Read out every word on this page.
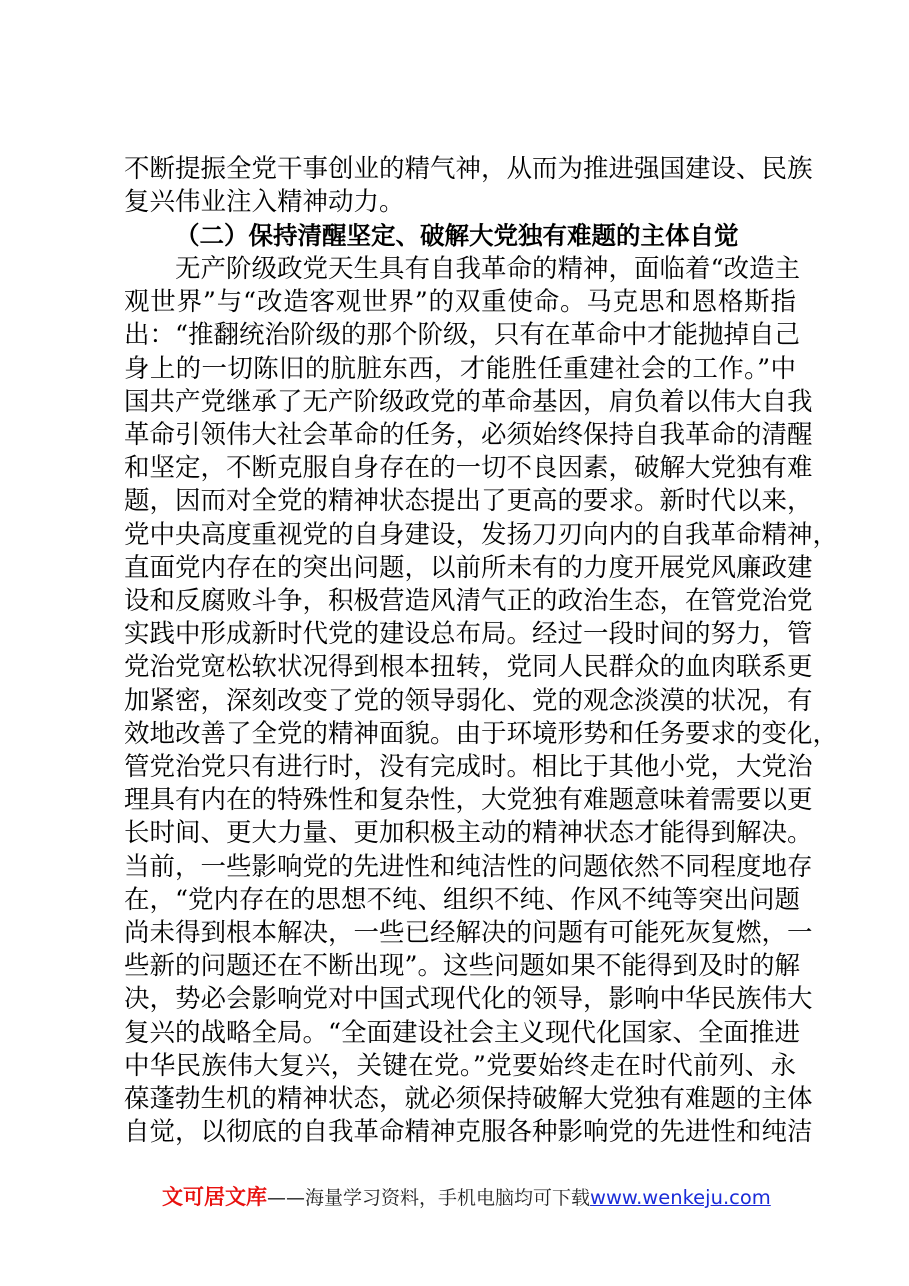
不断提振全党干事创业的精气神，从而为推进强国建设、民族
复兴伟业注入精神动力。
（二）保持清醒坚定、破解大党独有难题的主体自觉
　　无产阶级政党天生具有自我革命的精神，面临着“改造主
观世界”与“改造客观世界”的双重使命。马克思和恩格斯指
出：“推翻统治阶级的那个阶级，只有在革命中才能抛掉自己
身上的一切陈旧的肮脏东西，才能胜任重建社会的工作。”中
国共产党继承了无产阶级政党的革命基因，肩负着以伟大自我
革命引领伟大社会革命的任务，必须始终保持自我革命的清醒
和坚定，不断克服自身存在的一切不良因素，破解大党独有难
题，因而对全党的精神状态提出了更高的要求。新时代以来，
党中央高度重视党的自身建设，发扬刀刃向内的自我革命精神，
直面党内存在的突出问题，以前所未有的力度开展党风廉政建
设和反腐败斗争，积极营造风清气正的政治生态，在管党治党
实践中形成新时代党的建设总布局。经过一段时间的努力，管
党治党宽松软状况得到根本扭转，党同人民群众的血肉联系更
加紧密，深刻改变了党的领导弱化、党的观念淡漠的状况，有
效地改善了全党的精神面貌。由于环境形势和任务要求的变化，
管党治党只有进行时，没有完成时。相比于其他小党，大党治
理具有内在的特殊性和复杂性，大党独有难题意味着需要以更
长时间、更大力量、更加积极主动的精神状态才能得到解决。
当前，一些影响党的先进性和纯洁性的问题依然不同程度地存
在，“党内存在的思想不纯、组织不纯、作风不纯等突出问题
尚未得到根本解决，一些已经解决的问题有可能死灰复燃，一
些新的问题还在不断出现”。这些问题如果不能得到及时的解
决，势必会影响党对中国式现代化的领导，影响中华民族伟大
复兴的战略全局。“全面建设社会主义现代化国家、全面推进
中华民族伟大复兴，关键在党。”党要始终走在时代前列、永
葆蓬勃生机的精神状态，就必须保持破解大党独有难题的主体
自觉，以彻底的自我革命精神克服各种影响党的先进性和纯洁
文可居文库——海量学习资料，手机电脑均可下载www.wenkeju.com
